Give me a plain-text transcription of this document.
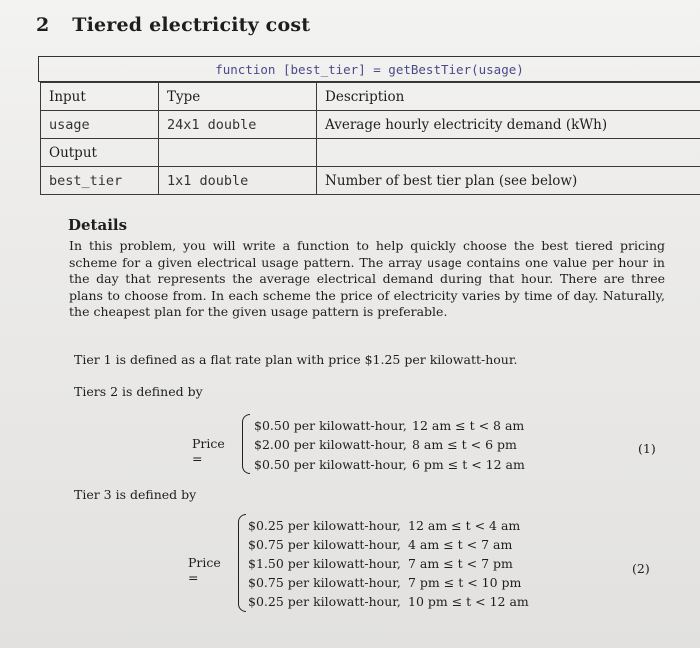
2 Tiered electricity cost
function [best_tier] = getBestTier(usage)
Input	Type	Description
usage	24x1 double	Average hourly electricity demand (kWh)
Output		
best_tier	1x1 double	Number of best tier plan (see below)
Details
In this problem, you will write a function to help quickly choose the best tiered pricing scheme for a given electrical usage pattern. The array usage contains one value per hour in the day that represents the average electrical demand during that hour. There are three plans to choose from. In each scheme the price of electricity varies by time of day. Naturally, the cheapest plan for the given usage pattern is preferable.
Tier 1 is defined as a flat rate plan with price $1.25 per kilowatt-hour.
Tiers 2 is defined by
Price =
$0.50 per kilowatt-hour, 12 am ≤ t < 8 am
$2.00 per kilowatt-hour, 8 am ≤ t < 6 pm
$0.50 per kilowatt-hour, 6 pm ≤ t < 12 am
(1)
Tier 3 is defined by
Price =
$0.25 per kilowatt-hour, 12 am ≤ t < 4 am
$0.75 per kilowatt-hour, 4 am ≤ t < 7 am
$1.50 per kilowatt-hour, 7 am ≤ t < 7 pm
$0.75 per kilowatt-hour, 7 pm ≤ t < 10 pm
$0.25 per kilowatt-hour, 10 pm ≤ t < 12 am
(2)
